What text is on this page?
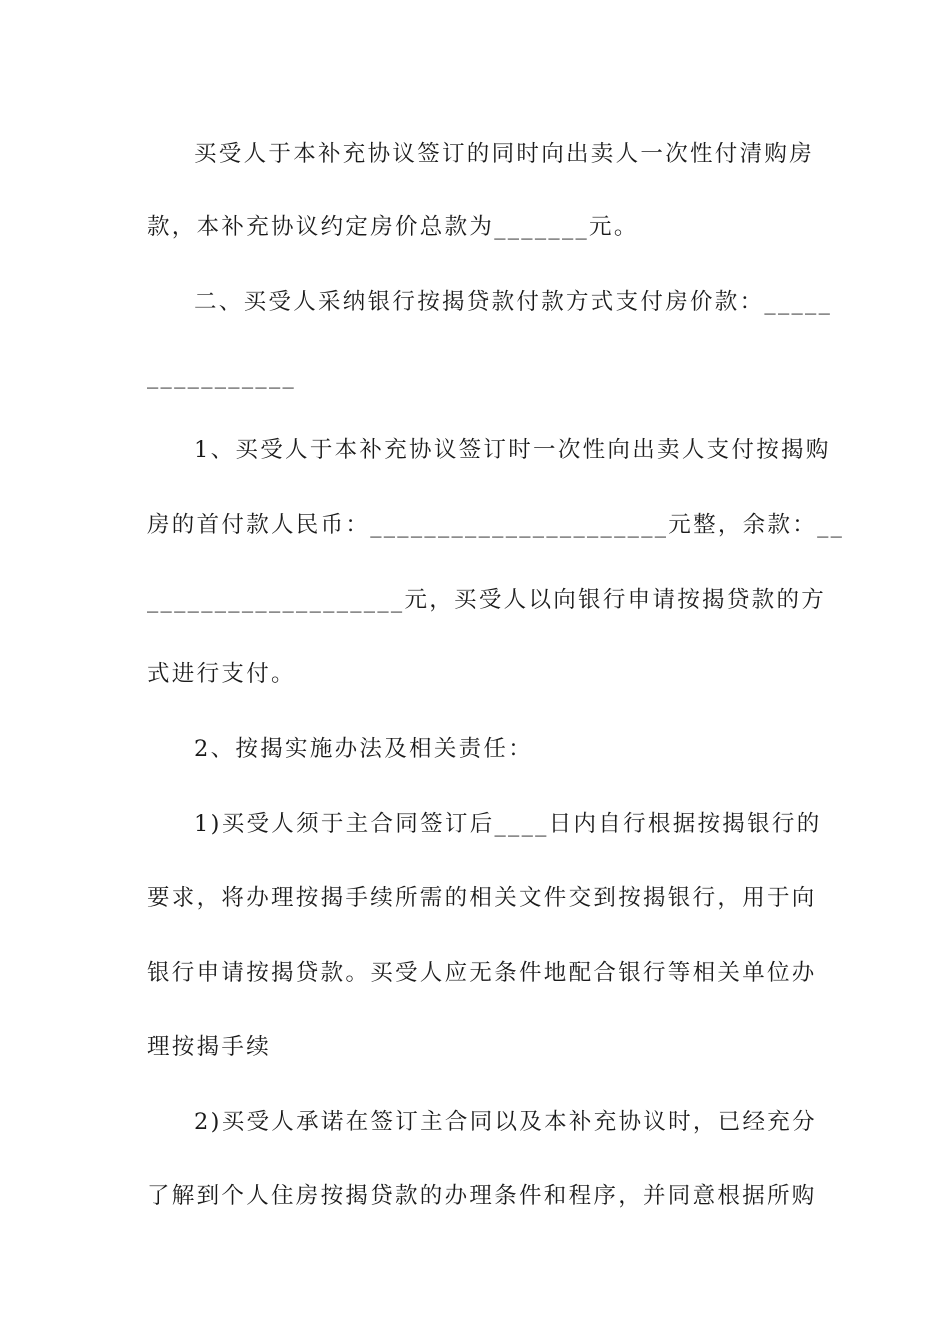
买受人于本补充协议签订的同时向出卖人一次性付清购房
款，本补充协议约定房价总款为_______元。
二、买受人采纳银行按揭贷款付款方式支付房价款：_____
___________
1、买受人于本补充协议签订时一次性向出卖人支付按揭购
房的首付款人民币：______________________元整，余款：__
___________________元，买受人以向银行申请按揭贷款的方
式进行支付。
2、按揭实施办法及相关责任：
1)买受人须于主合同签订后____日内自行根据按揭银行的
要求，将办理按揭手续所需的相关文件交到按揭银行，用于向
银行申请按揭贷款。买受人应无条件地配合银行等相关单位办
理按揭手续
2)买受人承诺在签订主合同以及本补充协议时，已经充分
了解到个人住房按揭贷款的办理条件和程序，并同意根据所购
